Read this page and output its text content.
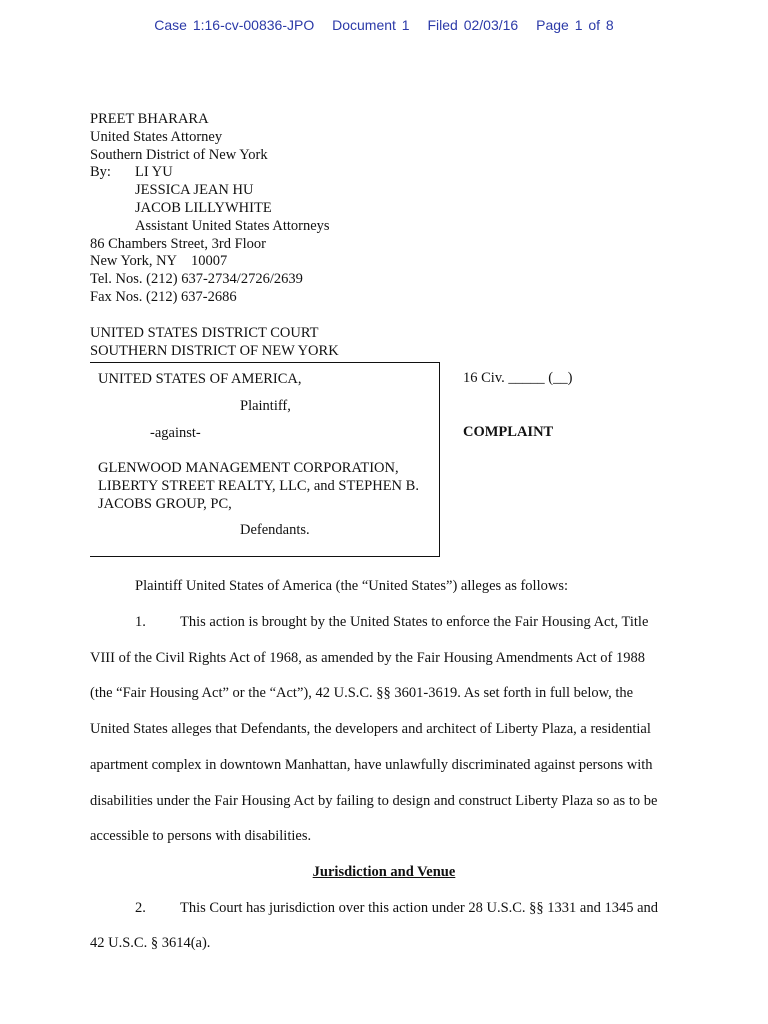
Case 1:16-cv-00836-JPO Document 1 Filed 02/03/16 Page 1 of 8
PREET BHARARA
United States Attorney
Southern District of New York
By: LI YU
JESSICA JEAN HU
JACOB LILLYWHITE
Assistant United States Attorneys
86 Chambers Street, 3rd Floor
New York, NY    10007
Tel. Nos. (212) 637-2734/2726/2639
Fax Nos. (212) 637-2686
UNITED STATES DISTRICT COURT
SOUTHERN DISTRICT OF NEW YORK
UNITED STATES OF AMERICA,
Plaintiff,
-against-
GLENWOOD MANAGEMENT CORPORATION,
LIBERTY STREET REALTY, LLC, and STEPHEN B.
JACOBS GROUP, PC,
Defendants.
16 Civ. _____ (__)
COMPLAINT
Plaintiff United States of America (the “United States”) alleges as follows:
1. This action is brought by the United States to enforce the Fair Housing Act, Title
VIII of the Civil Rights Act of 1968, as amended by the Fair Housing Amendments Act of 1988
(the “Fair Housing Act” or the “Act”), 42 U.S.C. §§ 3601-3619. As set forth in full below, the
United States alleges that Defendants, the developers and architect of Liberty Plaza, a residential
apartment complex in downtown Manhattan, have unlawfully discriminated against persons with
disabilities under the Fair Housing Act by failing to design and construct Liberty Plaza so as to be
accessible to persons with disabilities.
2. This Court has jurisdiction over this action under 28 U.S.C. §§ 1331 and 1345 and
42 U.S.C. § 3614(a).
Jurisdiction and Venue
